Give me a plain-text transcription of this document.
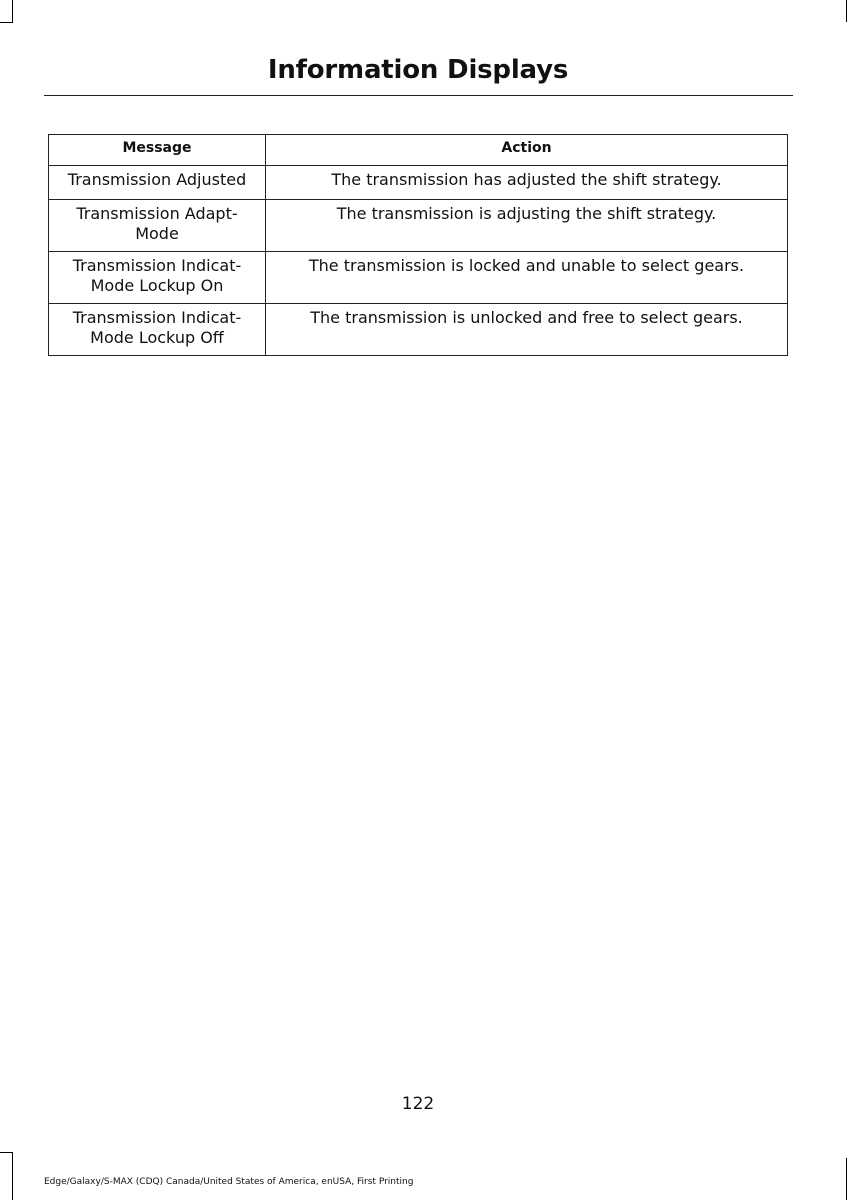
Information Displays
Message	Action
Transmission Adjusted	The transmission has adjusted the shift strategy.
Transmission Adapt-Mode	The transmission is adjusting the shift strategy.
Transmission Indicat-Mode Lockup On	The transmission is locked and unable to select gears.
Transmission Indicat-Mode Lockup Off	The transmission is unlocked and free to select gears.
122
Edge/Galaxy/S-MAX (CDQ) Canada/United States of America, enUSA, First Printing
